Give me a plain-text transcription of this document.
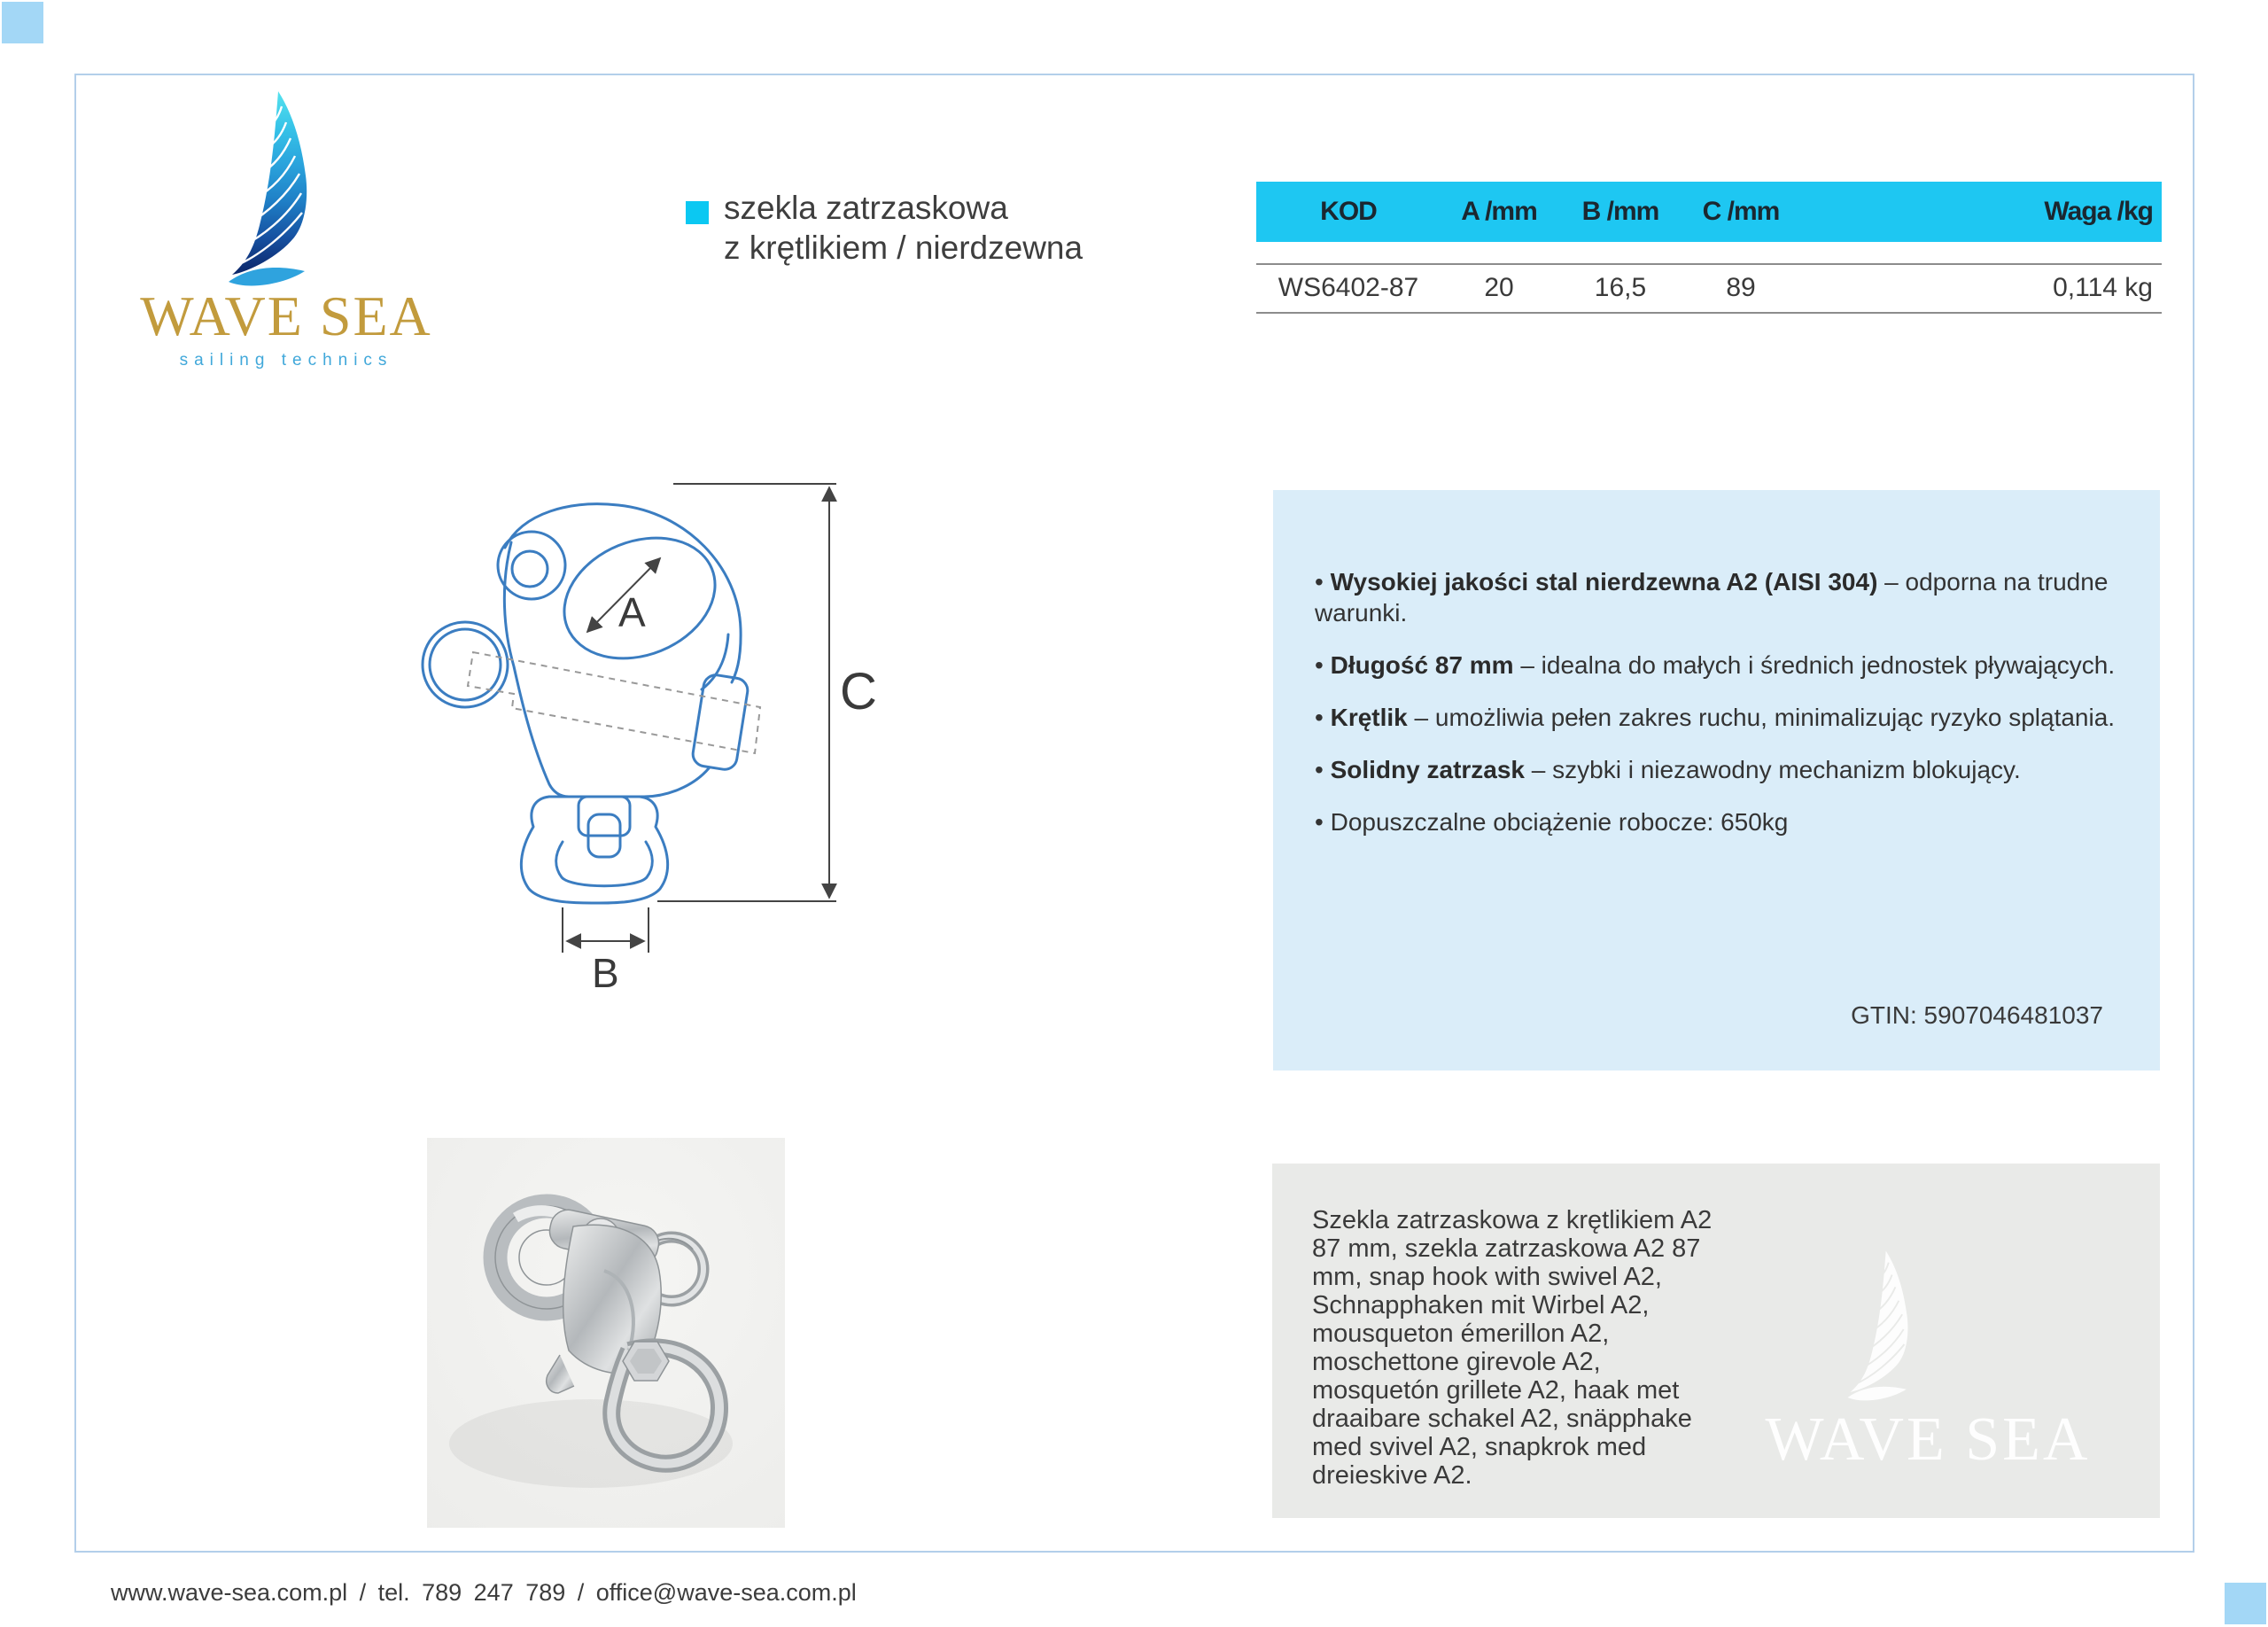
WAVE SEA
sailing technics
szekla zatrzaskowa
z krętlikiem / nierdzewna
KOD	A /mm	B /mm	C /mm	Waga /kg
WS6402-87	20	16,5	89	0,114 kg
A
C
B
• Wysokiej jakości stal nierdzewna A2 (AISI 304) – odporna na trudne warunki.
• Długość 87 mm – idealna do małych i średnich jednostek pływających.
• Krętlik – umożliwia pełen zakres ruchu, minimalizując ryzyko splątania.
• Solidny zatrzask – szybki i niezawodny mechanizm blokujący.
• Dopuszczalne obciążenie robocze: 650kg
GTIN: 5907046481037
Szekla zatrzaskowa z krętlikiem A2 87 mm, szekla zatrzaskowa A2 87 mm, snap hook with swivel A2, Schnapphaken mit Wirbel A2, mousqueton émerillon A2, moschettone girevole A2, mosquetón grillete A2, haak met draaibare schakel A2, snäpphake med svivel A2, snapkrok med dreieskive A2.
WAVE SEA
www.wave-sea.com.pl / tel. 789 247 789 / office@wave-sea.com.pl
